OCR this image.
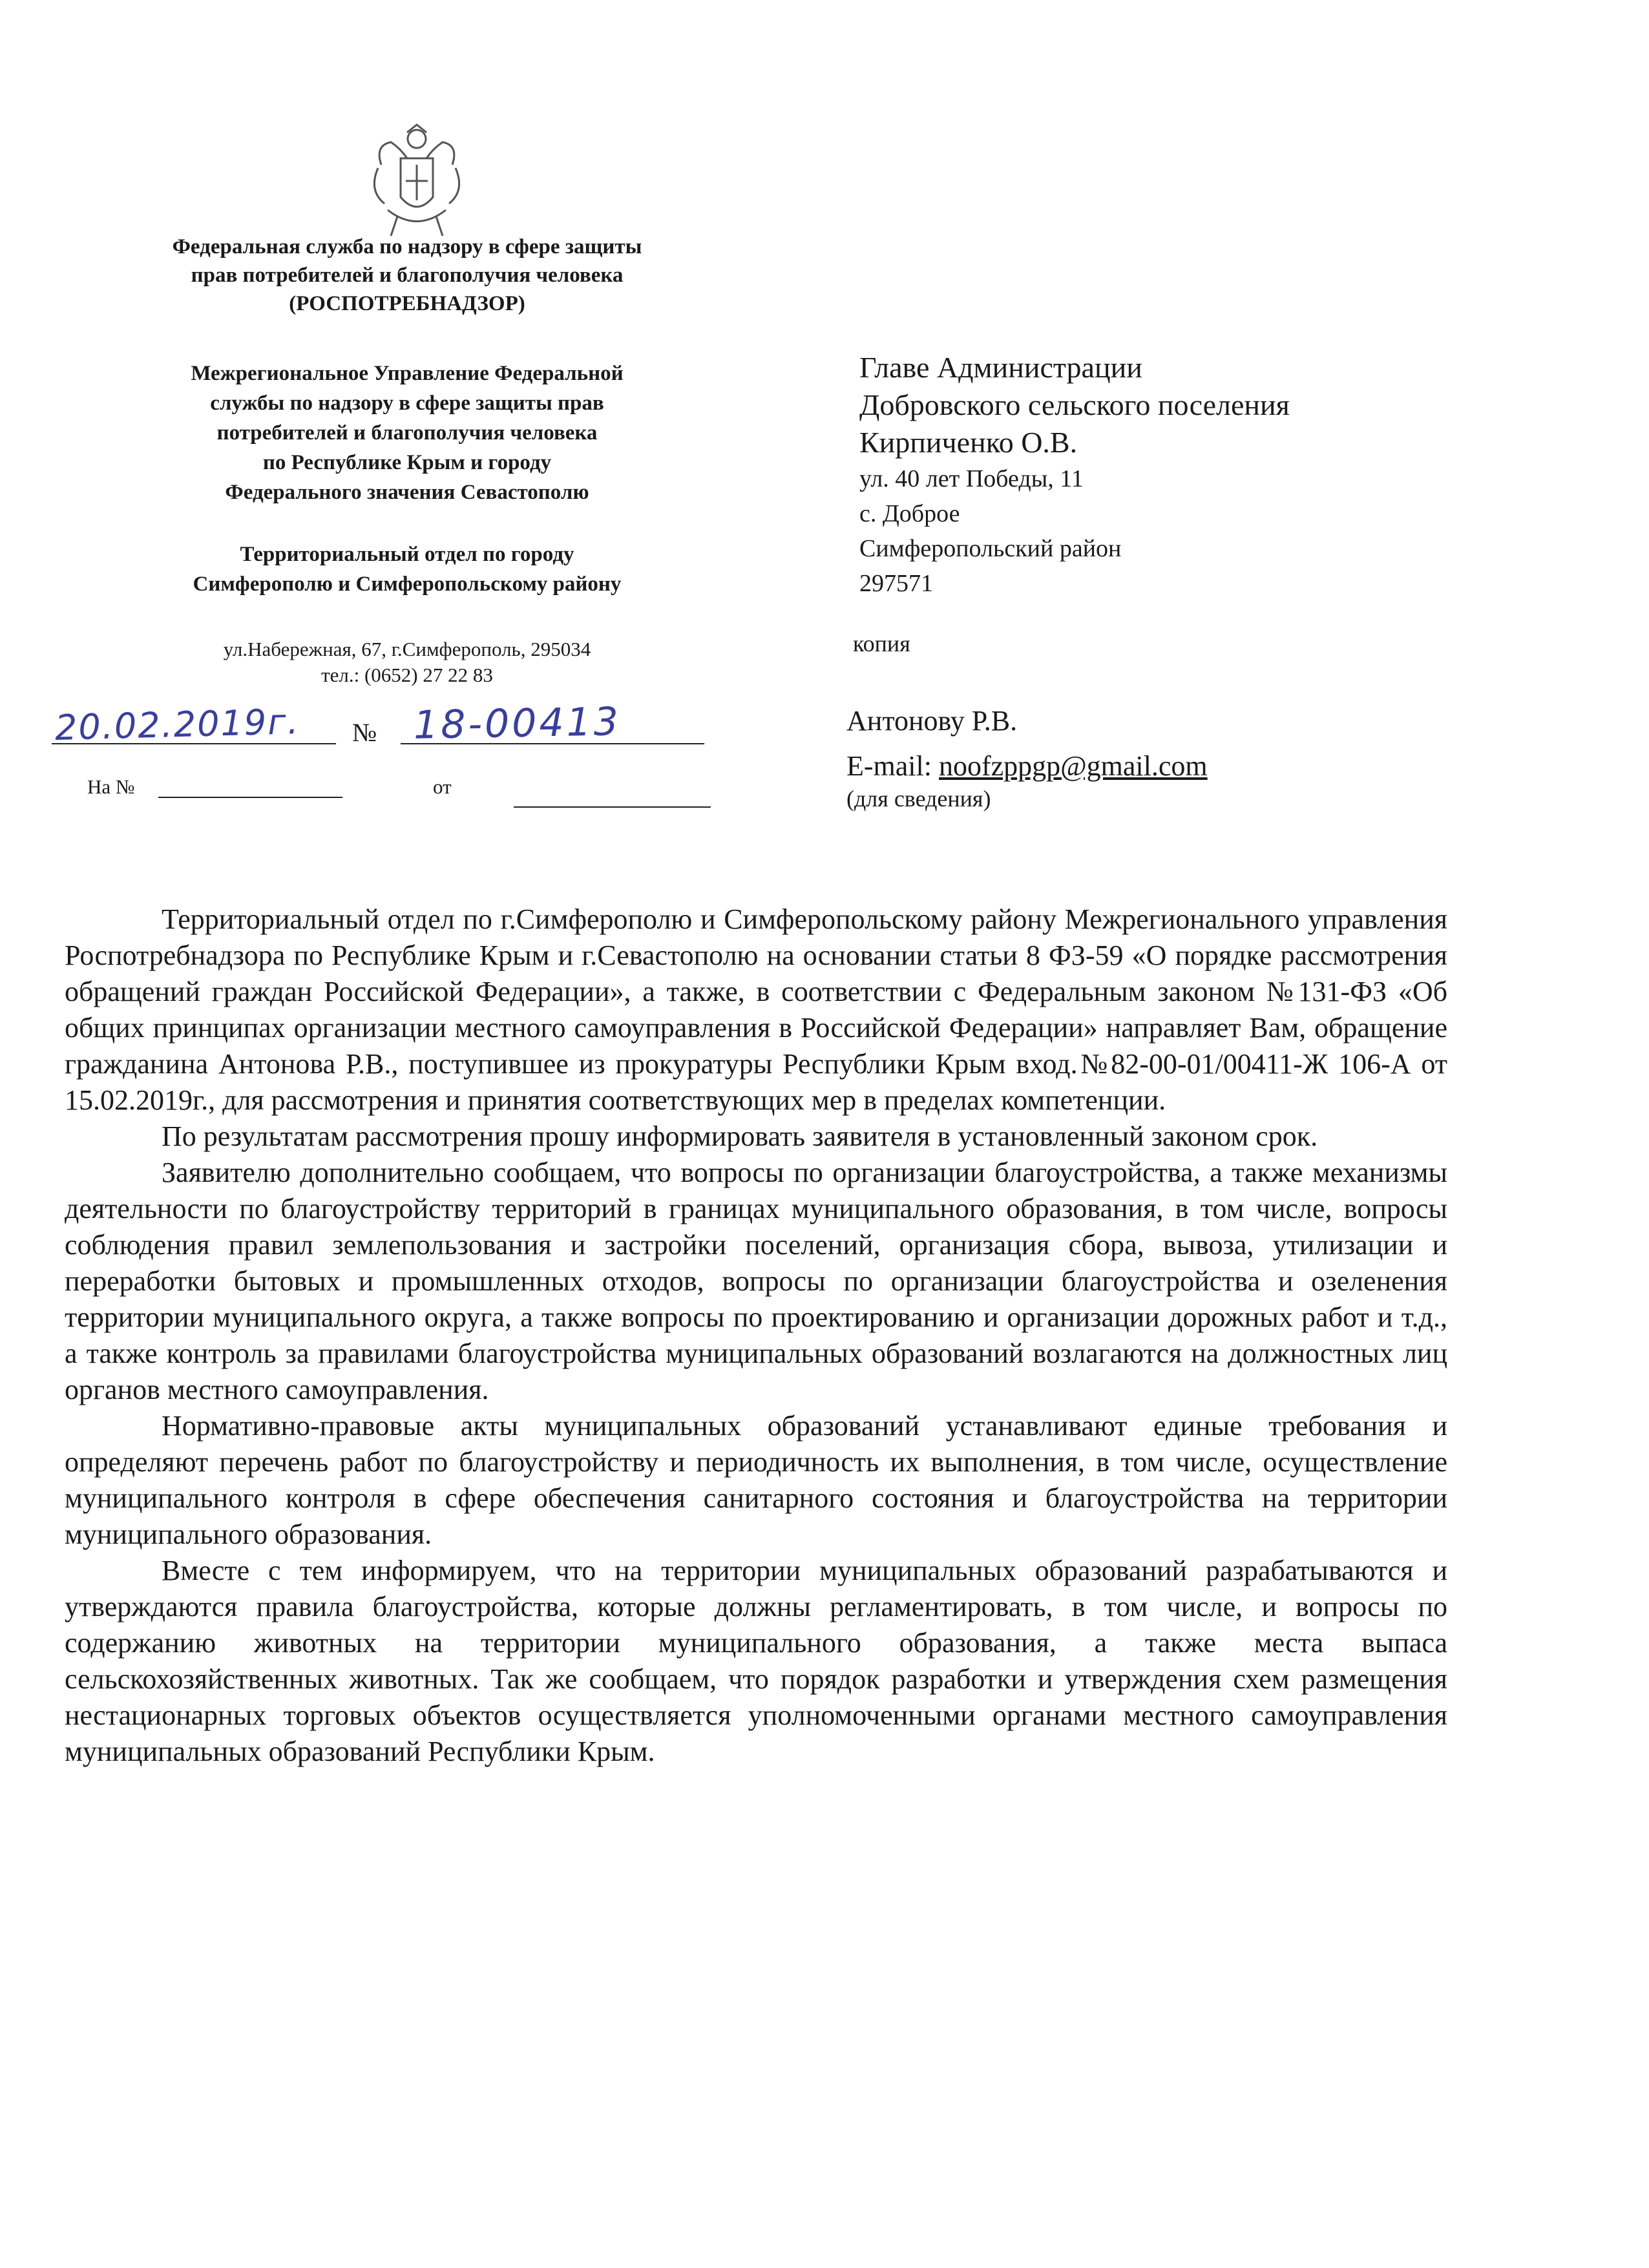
Федеральная служба по надзору в сфере защиты
прав потребителей и благополучия человека
(РОСПОТРЕБНАДЗОР)
Межрегиональное Управление Федеральной
службы по надзору в сфере защиты прав
потребителей и благополучия человека
по Республике Крым и городу
Федерального значения Севастополю
Территориальный отдел по городу
Симферополю и Симферопольскому району
ул.Набережная, 67, г.Симферополь, 295034
тел.: (0652) 27 22 83
20.02.2019г. № 18-00413
На №	от
Главе Администрации
Добровского сельского поселения
Кирпиченко О.В.
ул. 40 лет Победы, 11
с. Доброе
Симферопольский район
297571
копия
Антонову Р.В.
E-mail: noofzppgp@gmail.com
(для сведения)

Территориальный отдел по г.Симферополю и Симферопольскому району Межрегионального управления Роспотребнадзора по Республике Крым и г.Севастополю на основании статьи 8 ФЗ-59 «О порядке рассмотрения обращений граждан Российской Федерации», а также, в соответствии с Федеральным законом №131-ФЗ «Об общих принципах организации местного самоуправления в Российской Федерации» направляет Вам, обращение гражданина Антонова Р.В., поступившее из прокуратуры Республики Крым вход.№82-00-01/00411-Ж 106-А от 15.02.2019г., для рассмотрения и принятия соответствующих мер в пределах компетенции.

По результатам рассмотрения прошу информировать заявителя в установленный законом срок.

Заявителю дополнительно сообщаем, что вопросы по организации благоустройства, а также механизмы деятельности по благоустройству территорий в границах муниципального образования, в том числе, вопросы соблюдения правил землепользования и застройки поселений, организация сбора, вывоза, утилизации и переработки бытовых и промышленных отходов, вопросы по организации благоустройства и озеленения территории муниципального округа, а также вопросы по проектированию и организации дорожных работ и т.д., а также контроль за правилами благоустройства муниципальных образований возлагаются на должностных лиц органов местного самоуправления.

Нормативно-правовые акты муниципальных образований устанавливают единые требования и определяют перечень работ по благоустройству и периодичность их выполнения, в том числе, осуществление муниципального контроля в сфере обеспечения санитарного состояния и благоустройства на территории муниципального образования.

Вместе с тем информируем, что на территории муниципальных образований разрабатываются и утверждаются правила благоустройства, которые должны регламентировать, в том числе, и вопросы по содержанию животных на территории муниципального образования, а также места выпаса сельскохозяйственных животных. Так же сообщаем, что порядок разработки и утверждения схем размещения нестационарных торговых объектов осуществляется уполномоченными органами местного самоуправления муниципальных образований Республики Крым.
